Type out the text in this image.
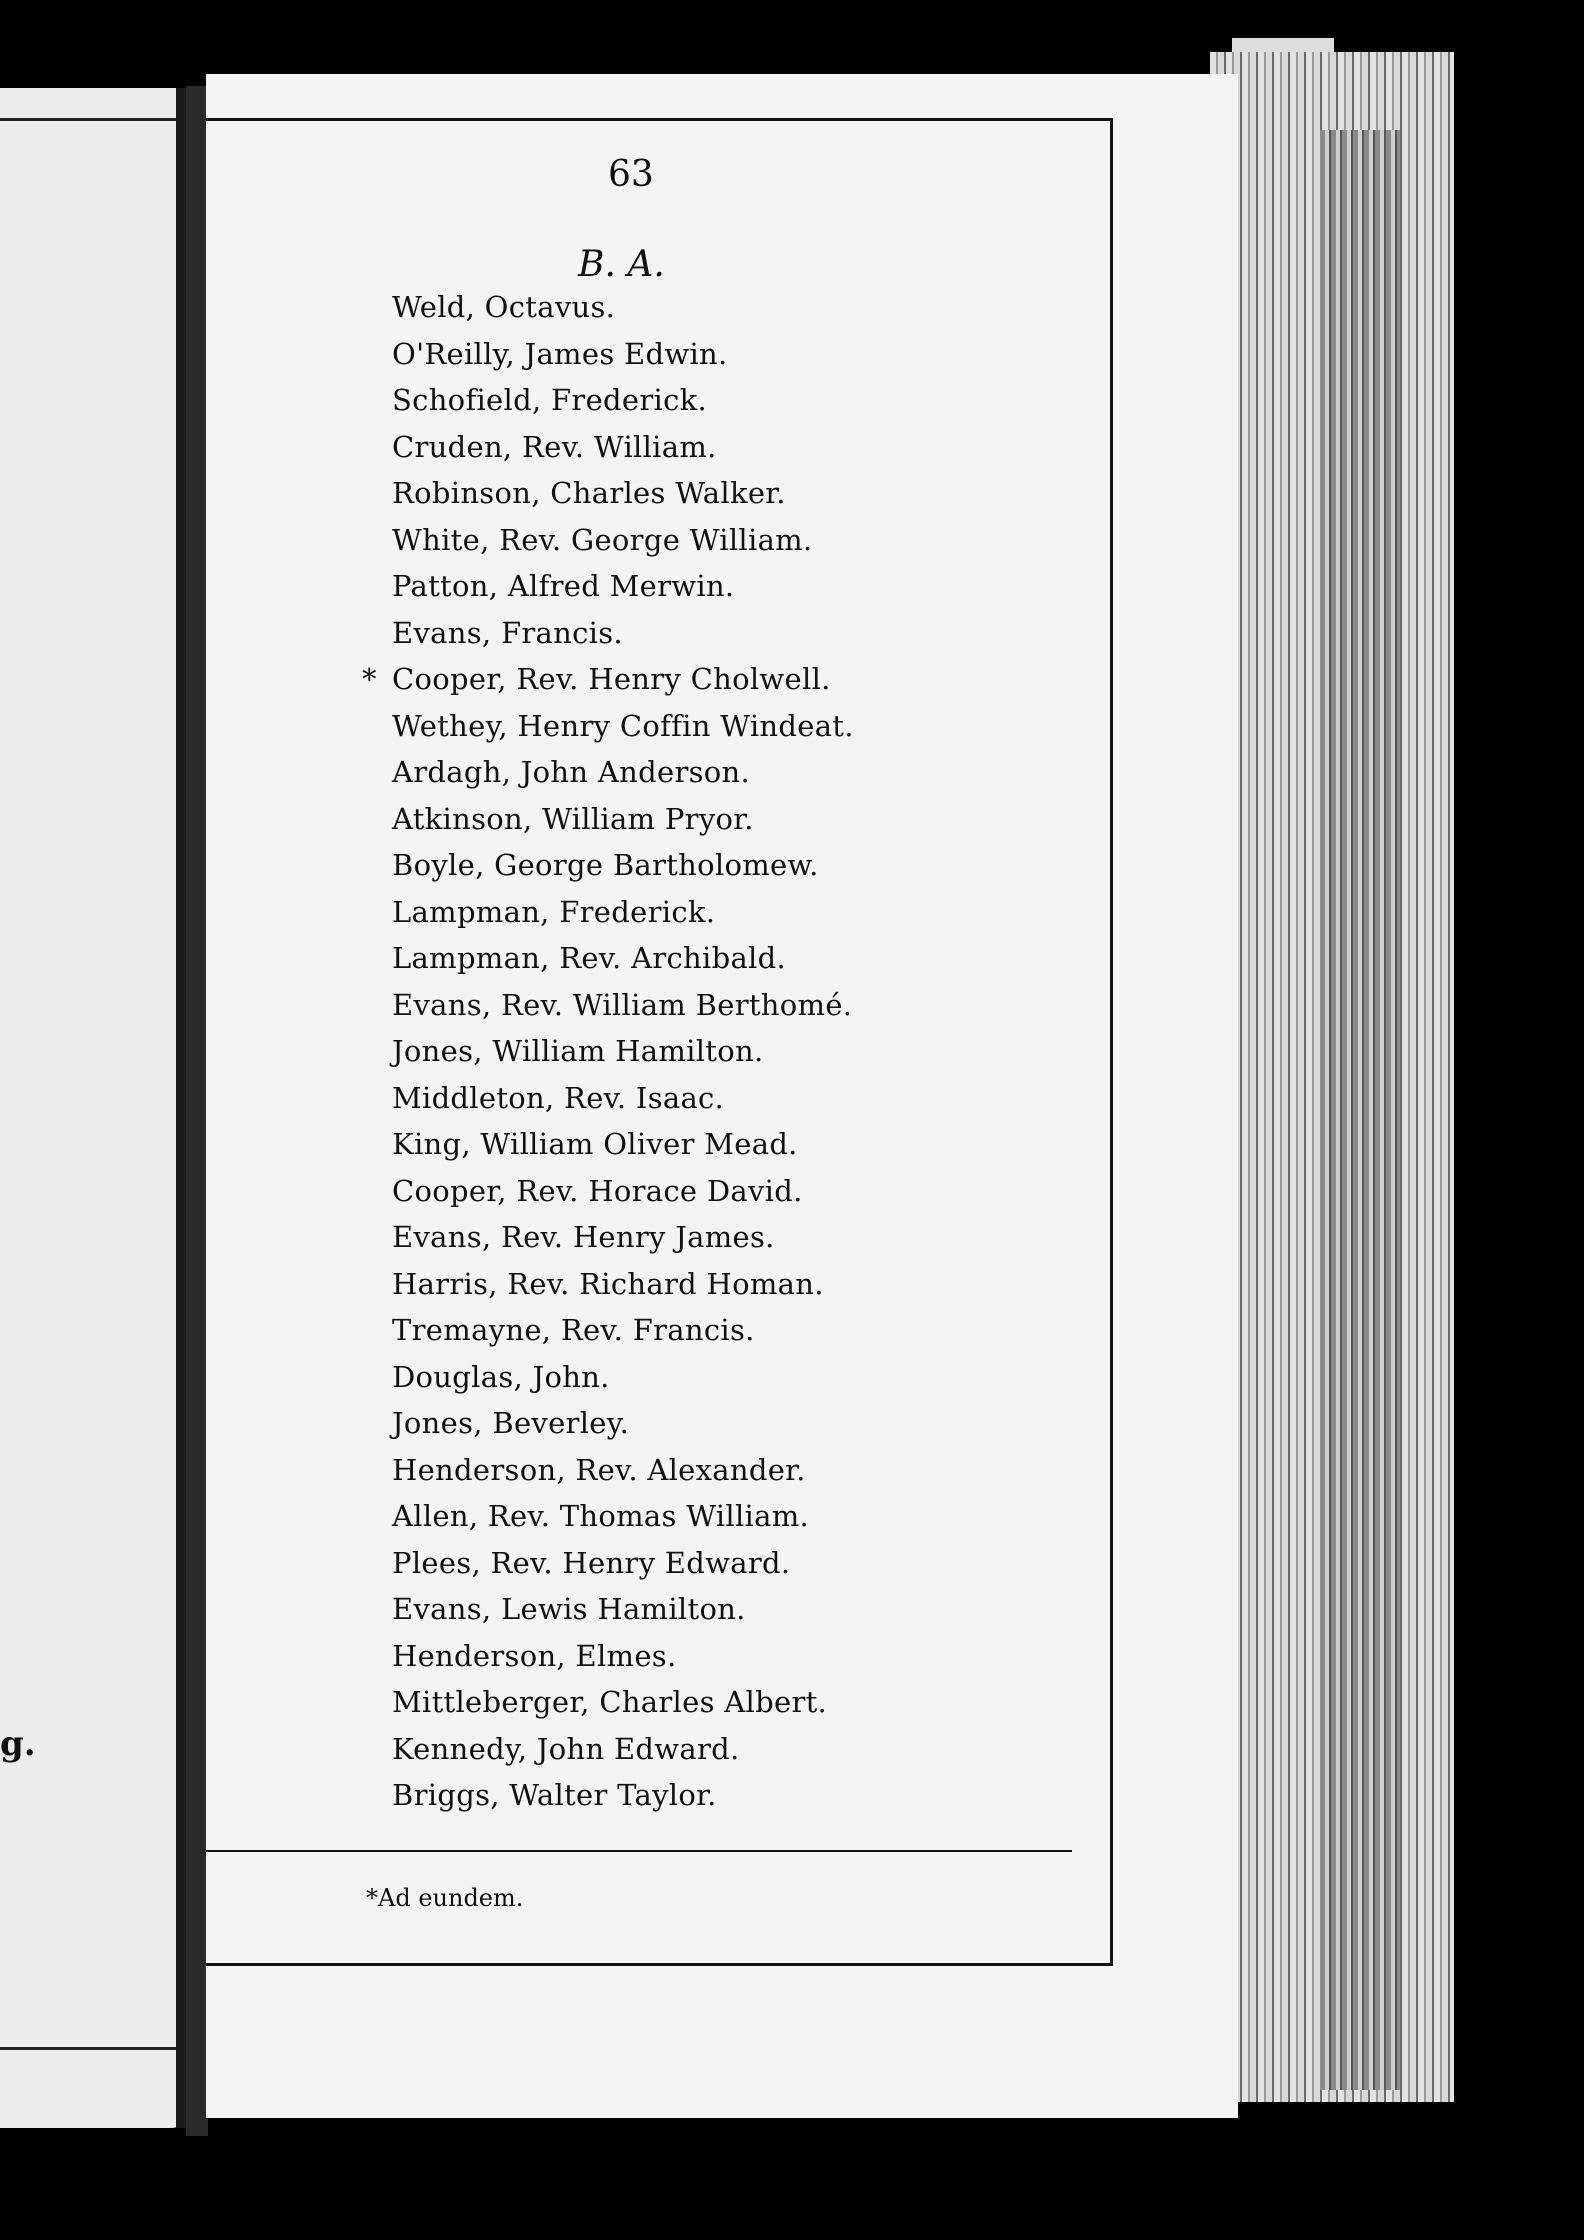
g.
63
B. A.
Weld, Octavus.
O'Reilly, James Edwin.
Schofield, Frederick.
Cruden, Rev. William.
Robinson, Charles Walker.
White, Rev. George William.
Patton, Alfred Merwin.
Evans, Francis.
* Cooper, Rev. Henry Cholwell.
Wethey, Henry Coffin Windeat.
Ardagh, John Anderson.
Atkinson, William Pryor.
Boyle, George Bartholomew.
Lampman, Frederick.
Lampman, Rev. Archibald.
Evans, Rev. William Berthomé.
Jones, William Hamilton.
Middleton, Rev. Isaac.
King, William Oliver Mead.
Cooper, Rev. Horace David.
Evans, Rev. Henry James.
Harris, Rev. Richard Homan.
Tremayne, Rev. Francis.
Douglas, John.
Jones, Beverley.
Henderson, Rev. Alexander.
Allen, Rev. Thomas William.
Plees, Rev. Henry Edward.
Evans, Lewis Hamilton.
Henderson, Elmes.
Mittleberger, Charles Albert.
Kennedy, John Edward.
Briggs, Walter Taylor.
*Ad eundem.
